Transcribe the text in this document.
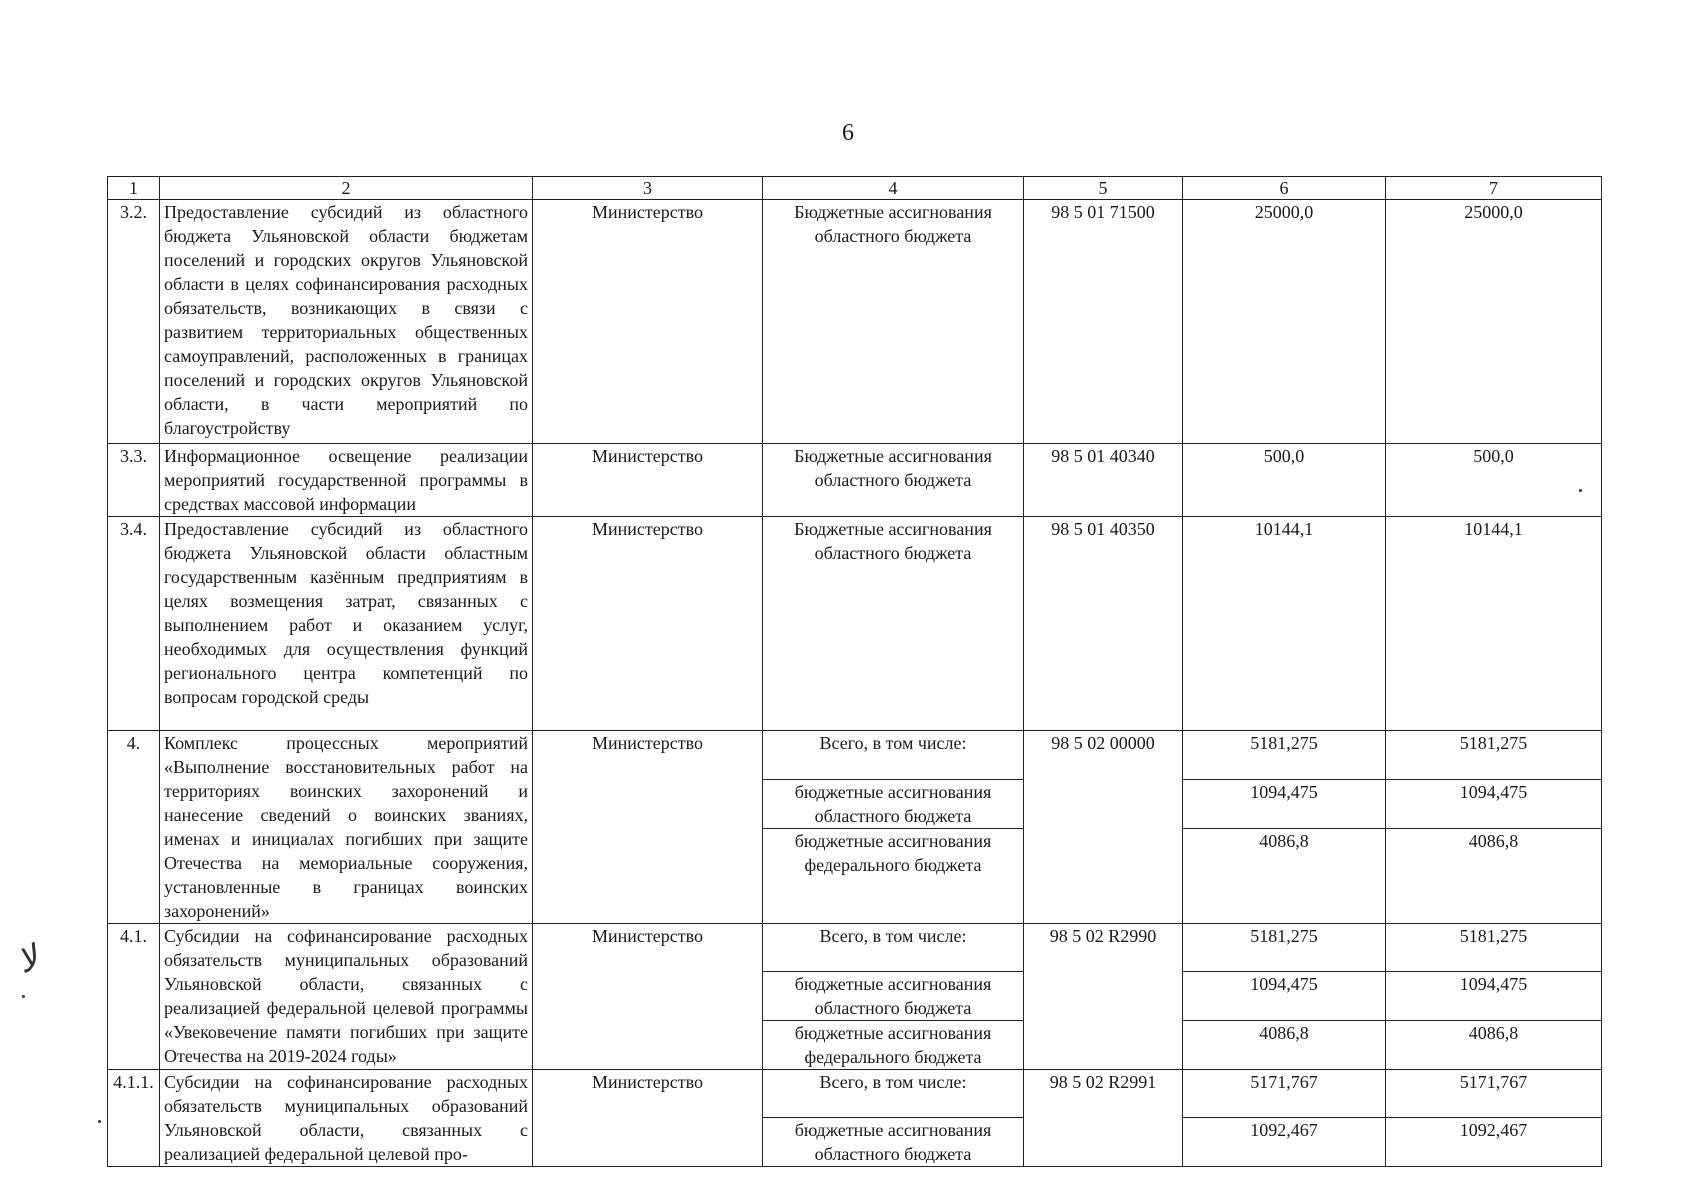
6
1	2	3	4	5	6	7
3.2.	Предоставление субсидий из областного бюджета Ульяновской области бюджетам поселений и городских округов Ульяновской области в целях софинансирования расходных обязательств, возникающих в связи с развитием территориальных общественных самоуправлений, расположенных в границах поселений и городских округов Ульяновской области, в части мероприятий по благоустройству	Министерство	Бюджетные ассигнования областного бюджета	98 5 01 71500	25000,0	25000,0
3.3.	Информационное освещение реализации мероприятий государственной программы в средствах массовой информации	Министерство	Бюджетные ассигнования областного бюджета	98 5 01 40340	500,0	500,0
3.4.	Предоставление субсидий из областного бюджета Ульяновской области областным государственным казённым предприятиям в целях возмещения затрат, связанных с выполнением работ и оказанием услуг, необходимых для осуществления функций регионального центра компетенций по вопросам городской среды	Министерство	Бюджетные ассигнования областного бюджета	98 5 01 40350	10144,1	10144,1
4.	Комплекс процессных мероприятий «Выполнение восстановительных работ на территориях воинских захоронений и нанесение сведений о воинских званиях, именах и инициалах погибших при защите Отечества на мемориальные сооружения, установленные в границах воинских захоронений»	Министерство	Всего, в том числе:	98 5 02 00000	5181,275	5181,275
			бюджетные ассигнования областного бюджета		1094,475	1094,475
			бюджетные ассигнования федерального бюджета		4086,8	4086,8
4.1.	Субсидии на софинансирование расходных обязательств муниципальных образований Ульяновской области, связанных с реализацией федеральной целевой программы «Увековечение памяти погибших при защите Отечества на 2019-2024 годы»	Министерство	Всего, в том числе:	98 5 02 R2990	5181,275	5181,275
			бюджетные ассигнования областного бюджета		1094,475	1094,475
			бюджетные ассигнования федерального бюджета		4086,8	4086,8
4.1.1.	Субсидии на софинансирование расходных обязательств муниципальных образований Ульяновской области, связанных с реализацией федеральной целевой про-	Министерство	Всего, в том числе:	98 5 02 R2991	5171,767	5171,767
			бюджетные ассигнования областного бюджета		1092,467	1092,467
ﻻ
